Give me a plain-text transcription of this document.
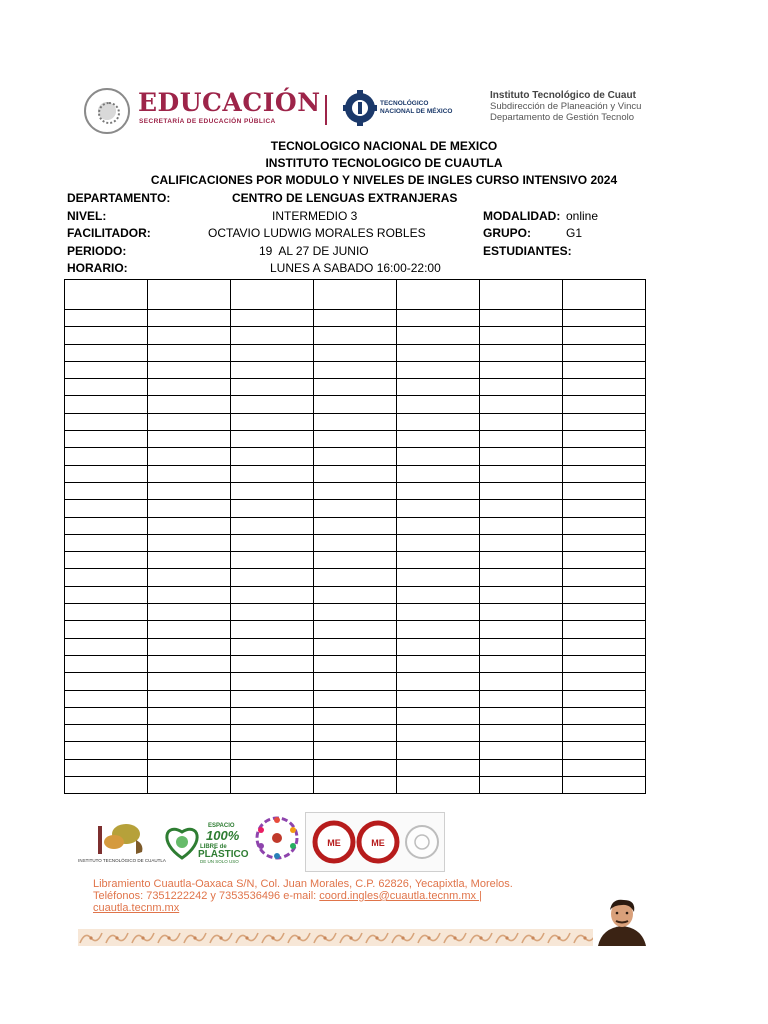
EDUCACIÓN
SECRETARÍA DE EDUCACIÓN PÚBLICA
TECNOLÓGICO
NACIONAL DE MÉXICO
Instituto Tecnológico de Cuaut
Subdirección de Planeación y Vincu
Departamento de Gestión Tecnolo
TECNOLOGICO NACIONAL DE MEXICO
INSTITUTO TECNOLOGICO DE CUAUTLA
CALIFICACIONES POR MODULO Y NIVELES DE INGLES CURSO INTENSIVO 2024
DEPARTAMENTO:	CENTRO DE LENGUAS EXTRANJERAS
NIVEL:	INTERMEDIO 3	MODALIDAD: online
FACILITADOR:	OCTAVIO LUDWIG MORALES ROBLES	GRUPO:	G1
PERIODO:	19  AL 27 DE JUNIO	ESTUDIANTES:
HORARIO:	LUNES A SABADO 16:00-22:00

INSTITUTO TECNOLÓGICO DE CUAUTLA
ESPACIO
100%
LIBRE de
PLÁSTICO
DE UN SOLO USO
ME	ME
Libramiento Cuautla-Oaxaca S/N, Col. Juan Morales, C.P. 62826, Yecapixtla, Morelos.
Teléfonos: 7351222242 y 7353536496 e-mail: coord.ingles@cuautla.tecnm.mx |
cuautla.tecnm.mx
